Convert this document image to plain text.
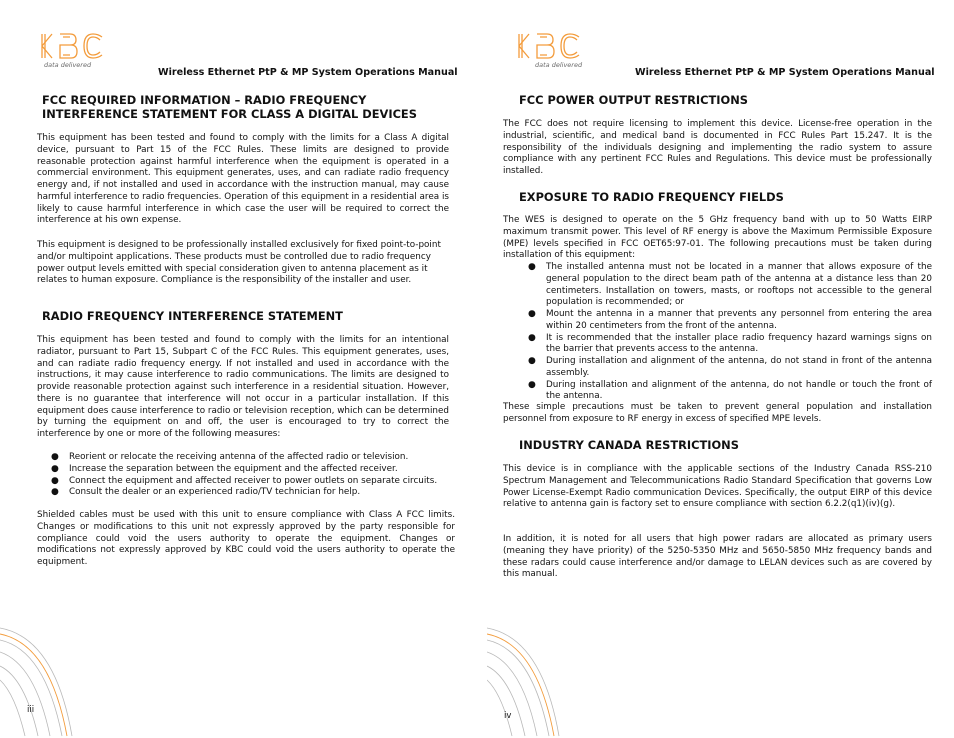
data delivered
Wireless Ethernet PtP & MP System Operations Manual
FCC REQUIRED INFORMATION – RADIO FREQUENCY
INTERFERENCE STATEMENT FOR CLASS A DIGITAL DEVICES

This equipment has been tested and found to comply with the limits for a Class A digital device, pursuant to Part 15 of the FCC Rules. These limits are designed to provide reasonable protection against harmful interference when the equipment is operated in a commercial environment. This equipment generates, uses, and can radiate radio frequency energy and, if not installed and used in accordance with the instruction manual, may cause harmful interference to radio frequencies. Operation of this equipment in a residential area is likely to cause harmful interference in which case the user will be required to correct the interference at his own expense.

This equipment is designed to be professionally installed exclusively for fixed point-to-point and/or multipoint applications. These products must be controlled due to radio frequency power output levels emitted with special consideration given to antenna placement as it relates to human exposure. Compliance is the responsibility of the installer and user.

RADIO FREQUENCY INTERFERENCE STATEMENT

This equipment has been tested and found to comply with the limits for an intentional radiator, pursuant to Part 15, Subpart C of the FCC Rules. This equipment generates, uses, and can radiate radio frequency energy. If not installed and used in accordance with the instructions, it may cause interference to radio communications. The limits are designed to provide reasonable protection against such interference in a residential situation. However, there is no guarantee that interference will not occur in a particular installation. If this equipment does cause interference to radio or television reception, which can be determined by turning the equipment on and off, the user is encouraged to try to correct the interference by one or more of the following measures:

● Reorient or relocate the receiving antenna of the affected radio or television.
● Increase the separation between the equipment and the affected receiver.
● Connect the equipment and affected receiver to power outlets on separate circuits.
● Consult the dealer or an experienced radio/TV technician for help.

Shielded cables must be used with this unit to ensure compliance with Class A FCC limits. Changes or modifications to this unit not expressly approved by the party responsible for compliance could void the users authority to operate the equipment. Changes or modifications not expressly approved by KBC could void the users authority to operate the equipment.

iii
data delivered
Wireless Ethernet PtP & MP System Operations Manual
FCC POWER OUTPUT RESTRICTIONS

The FCC does not require licensing to implement this device. License-free operation in the industrial, scientific, and medical band is documented in FCC Rules Part 15.247. It is the responsibility of the individuals designing and implementing the radio system to assure compliance with any pertinent FCC Rules and Regulations. This device must be professionally installed.

EXPOSURE TO RADIO FREQUENCY FIELDS

The WES is designed to operate on the 5 GHz frequency band with up to 50 Watts EIRP maximum transmit power. This level of RF energy is above the Maximum Permissible Exposure (MPE) levels specified in FCC OET65:97-01. The following precautions must be taken during installation of this equipment:

● The installed antenna must not be located in a manner that allows exposure of the general population to the direct beam path of the antenna at a distance less than 20 centimeters. Installation on towers, masts, or rooftops not accessible to the general population is recommended; or
● Mount the antenna in a manner that prevents any personnel from entering the area within 20 centimeters from the front of the antenna.
● It is recommended that the installer place radio frequency hazard warnings signs on the barrier that prevents access to the antenna.
● During installation and alignment of the antenna, do not stand in front of the antenna assembly.
● During installation and alignment of the antenna, do not handle or touch the front of the antenna.

These simple precautions must be taken to prevent general population and installation personnel from exposure to RF energy in excess of specified MPE levels.

INDUSTRY CANADA RESTRICTIONS

This device is in compliance with the applicable sections of the Industry Canada RSS-210 Spectrum Management and Telecommunications Radio Standard Specification that governs Low Power License-Exempt Radio communication Devices. Specifically, the output EIRP of this device relative to antenna gain is factory set to ensure compliance with section 6.2.2(q1)(iv)(g).

In addition, it is noted for all users that high power radars are allocated as primary users (meaning they have priority) of the 5250-5350 MHz and 5650-5850 MHz frequency bands and these radars could cause interference and/or damage to LELAN devices such as are covered by this manual.

iv
